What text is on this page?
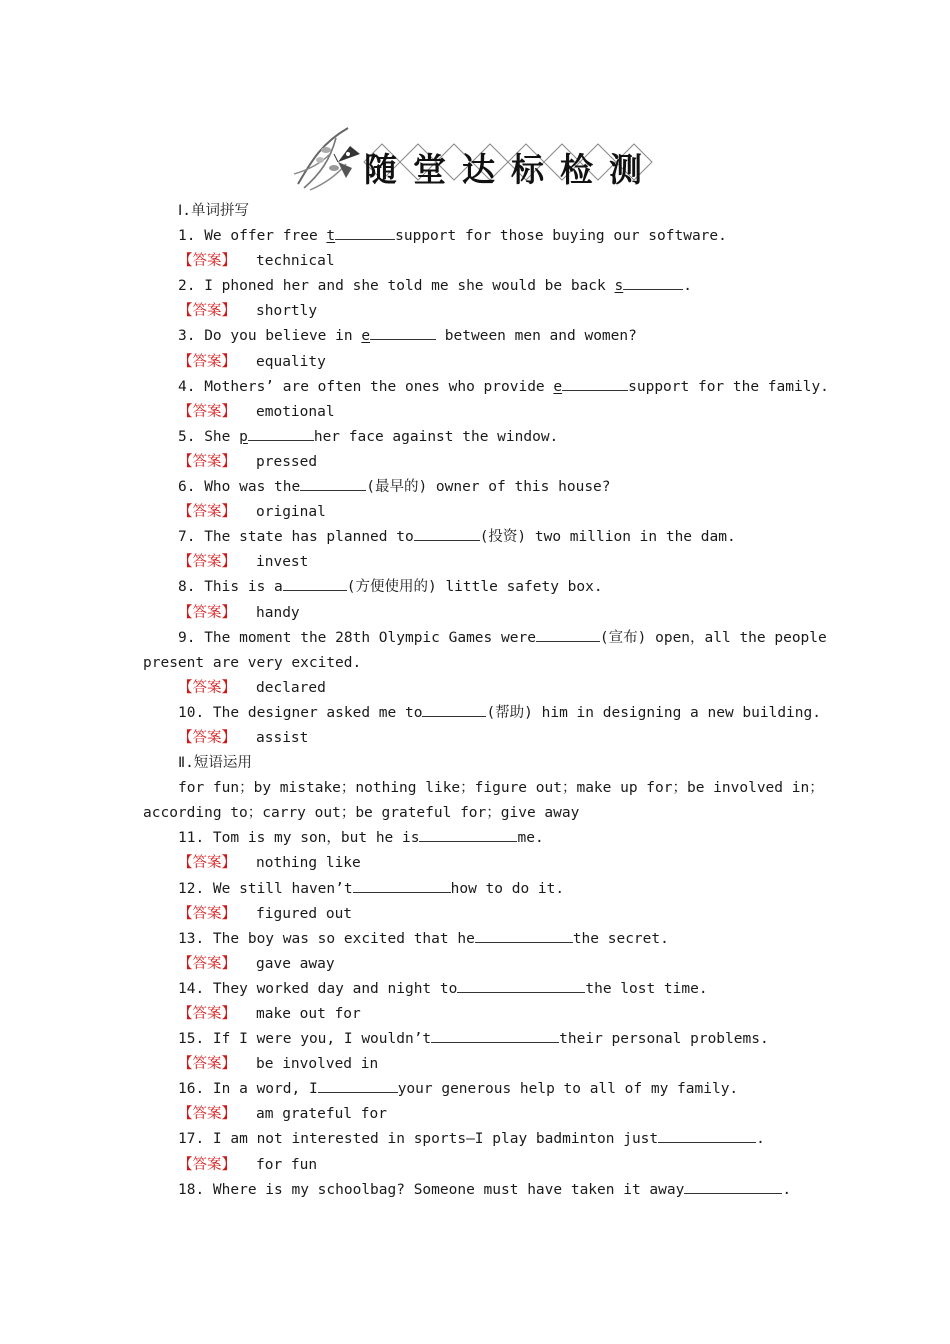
随堂达标检测
Ⅰ.单词拼写
1. We offer free t	support for those buying our software.
【答案】 technical
2. I phoned her and she told me she would be back s	.
【答案】 shortly
3. Do you believe in e	between men and women?
【答案】 equality
4. Mothers’ are often the ones who provide e	support for the family.
【答案】 emotional
5. She p	her face against the window.
【答案】 pressed
6. Who was the	(最早的) owner of this house?
【答案】 original
7. The state has planned to	(投资) two million in the dam.
【答案】 invest
8. This is a	(方便使用的) little safety box.
【答案】 handy
9. The moment the 28th Olympic Games were	(宣布) open，all the people
present are very excited.
【答案】 declared
10. The designer asked me to	(帮助) him in designing a new building.
【答案】 assist
Ⅱ.短语运用
for fun；by mistake；nothing like；figure out；make up for；be involved in；
according to；carry out；be grateful for；give away
11. Tom is my son，but he is	me.
【答案】 nothing like
12. We still haven’t	how to do it.
【答案】 figured out
13. The boy was so excited that he	the secret.
【答案】 gave away
14. They worked day and night to	the lost time.
【答案】 make out for
15. If I were you, I wouldn’t	their personal problems.
【答案】 be involved in
16. In a word, I	your generous help to all of my family.
【答案】 am grateful for
17. I am not interested in sports—I play badminton just	.
【答案】 for fun
18. Where is my schoolbag? Someone must have taken it away	.
